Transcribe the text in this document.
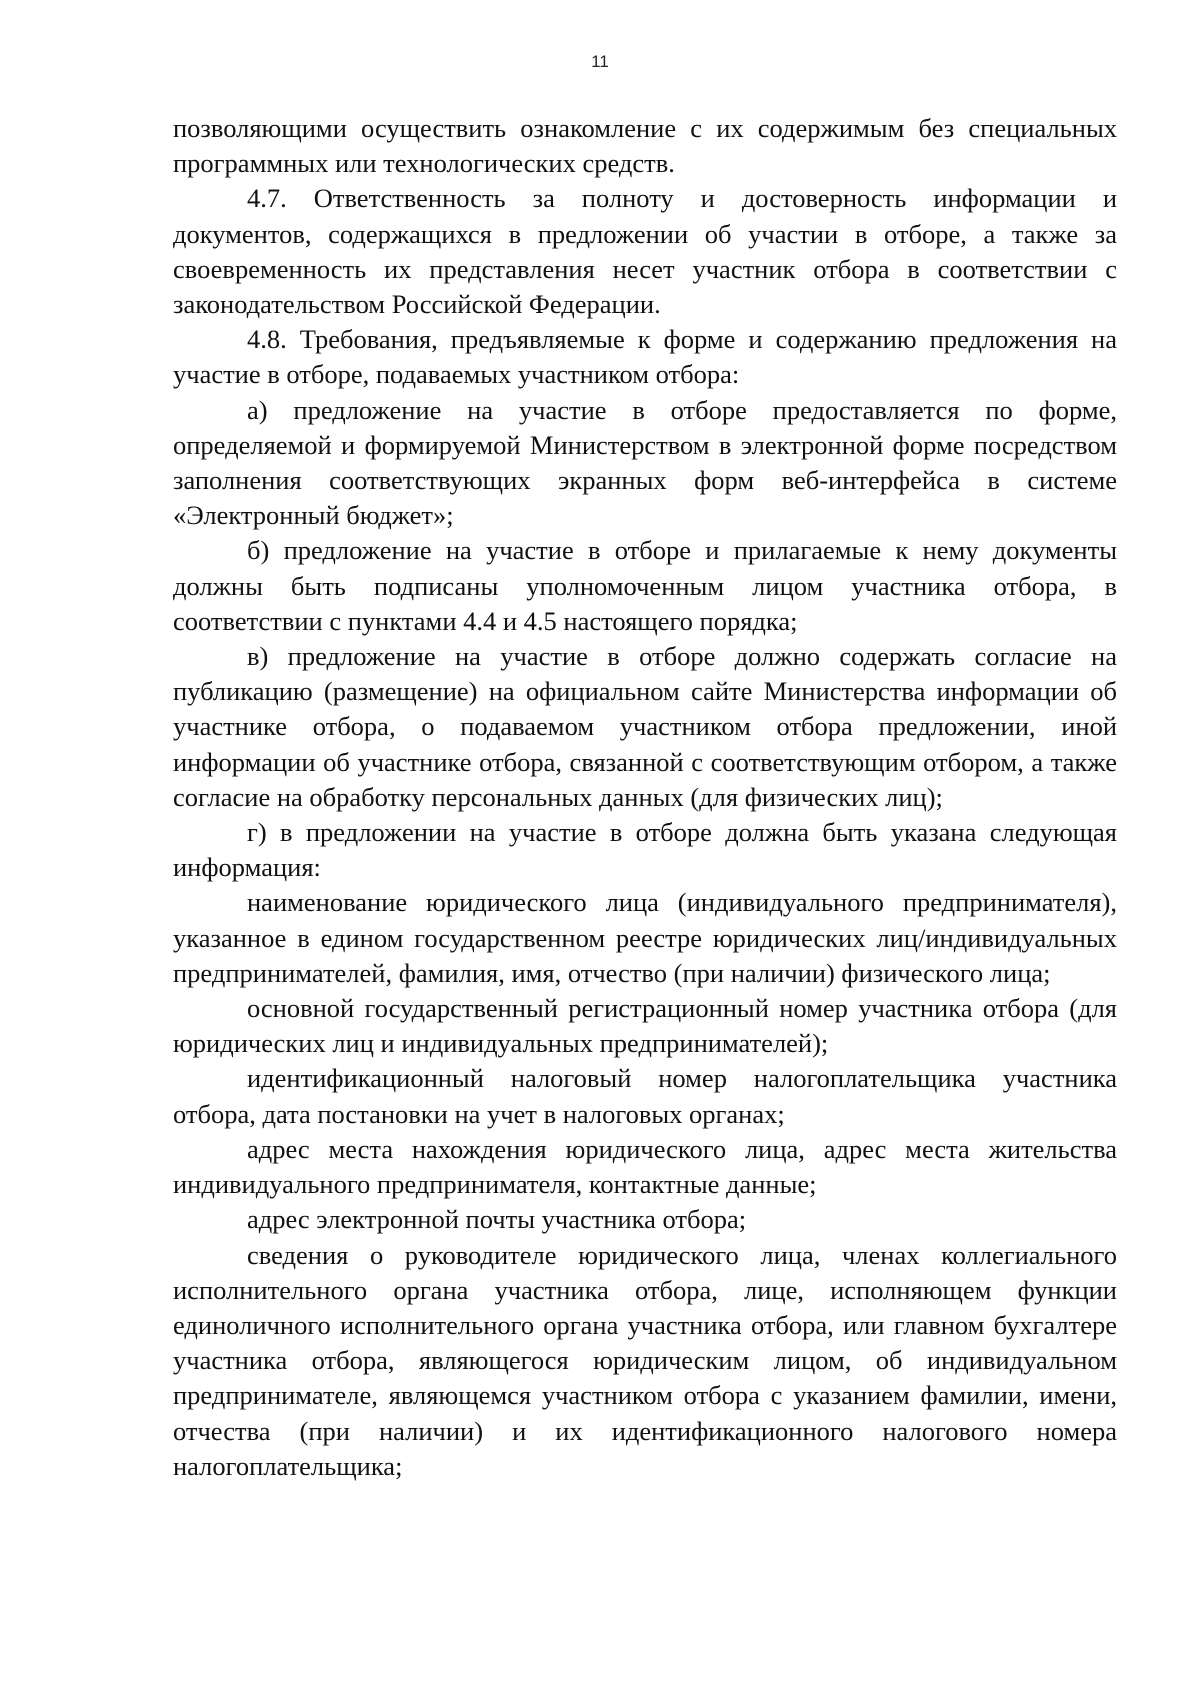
11

позволяющими осуществить ознакомление с их содержимым без специальных программных или технологических средств.

4.7. Ответственность за полноту и достоверность информации и документов, содержащихся в предложении об участии в отборе, а также за своевременность их представления несет участник отбора в соответствии с законодательством Российской Федерации.

4.8. Требования, предъявляемые к форме и содержанию предложения на участие в отборе, подаваемых участником отбора:

а) предложение на участие в отборе предоставляется по форме, определяемой и формируемой Министерством в электронной форме посредством заполнения соответствующих экранных форм веб-интерфейса в системе «Электронный бюджет»;

б) предложение на участие в отборе и прилагаемые к нему документы должны быть подписаны уполномоченным лицом участника отбора, в соответствии с пунктами 4.4 и 4.5 настоящего порядка;

в) предложение на участие в отборе должно содержать согласие на публикацию (размещение) на официальном сайте Министерства информации об участнике отбора, о подаваемом участником отбора предложении, иной информации об участнике отбора, связанной с соответствующим отбором, а также согласие на обработку персональных данных (для физических лиц);

г) в предложении на участие в отборе должна быть указана следующая информация:

наименование юридического лица (индивидуального предпринимателя), указанное в едином государственном реестре юридических лиц/индивидуальных предпринимателей, фамилия, имя, отчество (при наличии) физического лица;

основной государственный регистрационный номер участника отбора (для юридических лиц и индивидуальных предпринимателей);

идентификационный налоговый номер налогоплательщика участника отбора, дата постановки на учет в налоговых органах;

адрес места нахождения юридического лица, адрес места жительства индивидуального предпринимателя, контактные данные;

адрес электронной почты участника отбора;

сведения о руководителе юридического лица, членах коллегиального исполнительного органа участника отбора, лице, исполняющем функции единоличного исполнительного органа участника отбора, или главном бухгалтере участника отбора, являющегося юридическим лицом, об индивидуальном предпринимателе, являющемся участником отбора с указанием фамилии, имени, отчества (при наличии) и их идентификационного налогового номера налогоплательщика;
